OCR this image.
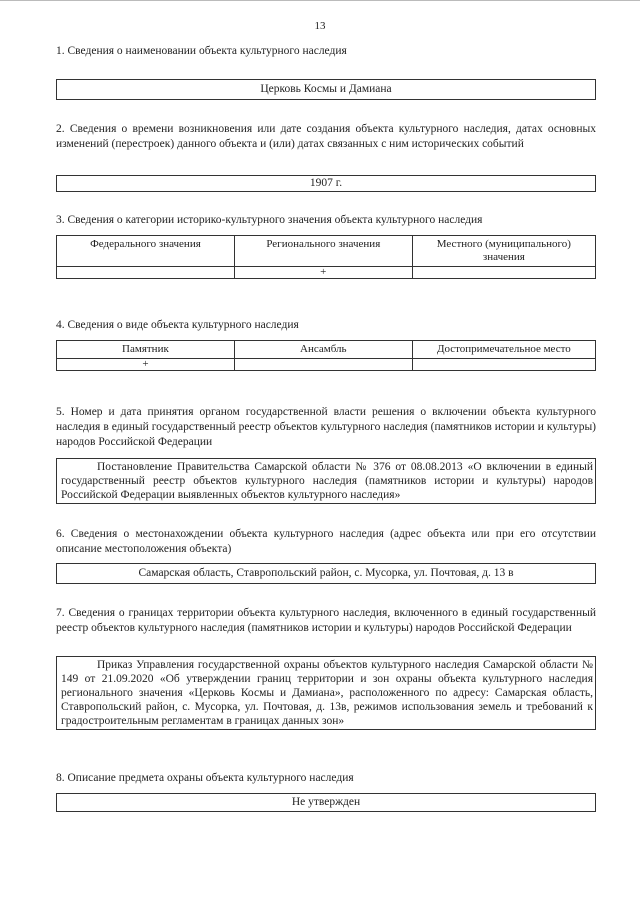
13
1. Сведения о наименовании объекта культурного наследия
Церковь Космы и Дамиана
2. Сведения о времени возникновения или дате создания объекта культурного наследия, датах основных изменений (перестроек) данного объекта и (или) датах связанных с ним исторических событий
1907 г.
3. Сведения о категории историко-культурного значения объекта культурного наследия
Федерального значения	Регионального значения	Местного (муниципального) значения
	+	
4. Сведения о виде объекта культурного наследия
Памятник	Ансамбль	Достопримечательное место
+		
5. Номер и дата принятия органом государственной власти решения о включении объекта культурного наследия в единый государственный реестр объектов культурного наследия (памятников истории и культуры) народов Российской Федерации
Постановление Правительства Самарской области № 376 от 08.08.2013 «О включении в единый государственный реестр объектов культурного наследия (памятников истории и культуры) народов Российской Федерации выявленных объектов культурного наследия»
6. Сведения о местонахождении объекта культурного наследия (адрес объекта или при его отсутствии описание местоположения объекта)
Самарская область, Ставропольский район, с. Мусорка, ул. Почтовая, д. 13 в
7. Сведения о границах территории объекта культурного наследия, включенного в единый государственный реестр объектов культурного наследия (памятников истории и культуры) народов Российской Федерации
Приказ Управления государственной охраны объектов культурного наследия Самарской области № 149 от 21.09.2020 «Об утверждении границ территории и зон охраны объекта культурного наследия регионального значения «Церковь Космы и Дамиана», расположенного по адресу: Самарская область, Ставропольский район, с. Мусорка, ул. Почтовая, д. 13в, режимов использования земель и требований к градостроительным регламентам в границах данных зон»
8. Описание предмета охраны объекта культурного наследия
Не утвержден
